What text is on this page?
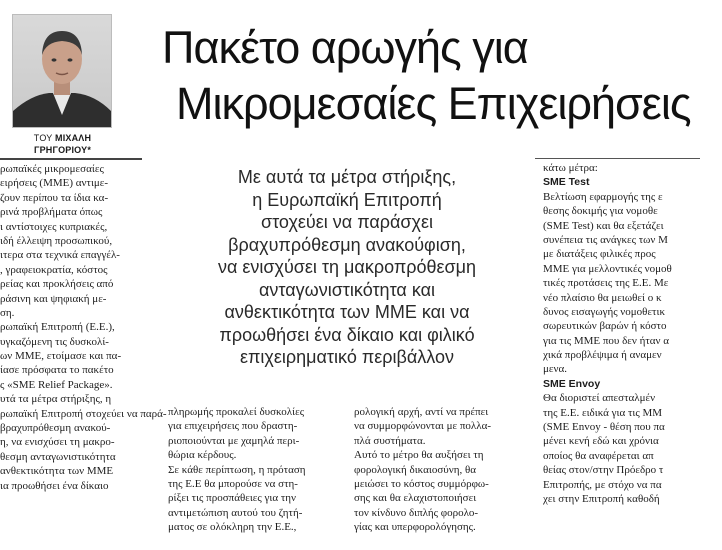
ΤΟΥ ΜΙΧΑΛΗ
ΓΡΗΓΟΡΙΟΥ*
Πακέτο αρωγής για
Μικρομεσαίες Επιχειρήσεις
Με αυτά τα μέτρα στήριξης,
η Ευρωπαϊκή Επιτροπή
στοχεύει να παράσχει
βραχυπρόθεσμη ανακούφιση,
να ενισχύσει τη μακροπρόθεσμη
ανταγωνιστικότητα και
ανθεκτικότητα των ΜΜΕ και να
προωθήσει ένα δίκαιο και φιλικό
επιχειρηματικό περιβάλλον
ρωπαϊκές μικρομεσαίες
ειρήσεις (ΜΜΕ) αντιμε-
ζουν περίπου τα ίδια κα-
ρινά προβλήματα όπως
ι αντίστοιχες κυπριακές,
ιδή έλλειψη προσωπικού,
ιτερα στα τεχνικά επαγγέλ-
, γραφειοκρατία, κόστος
ρείας και προκλήσεις από
ράσινη και ψηφιακή με-
ση.
ρωπαϊκή Επιτροπή (Ε.Ε.),
υγκαζόμενη τις δυσκολί-
ων ΜΜΕ, ετοίμασε και πα-
ίασε πρόσφατα το πακέτο
ς «SME Relief Package».
υτά τα μέτρα στήριξης, η
ρωπαϊκή Επιτροπή στοχεύει να παρά-
βραχυπρόθεσμη ανακού-
η, να ενισχύσει τη μακρο-
θεσμη ανταγωνιστικότητα
ανθεκτικότητα των ΜΜΕ
ια προωθήσει ένα δίκαιο
πληρωμής προκαλεί δυσκολίες
για επιχειρήσεις που δραστη-
ριοποιούνται με χαμηλά περι-
θώρια κέρδους.
Σε κάθε περίπτωση, η πρόταση
της Ε.Ε θα μπορούσε να στη-
ρίξει τις προσπάθειες για την
αντιμετώπιση αυτού του ζητή-
ματος σε ολόκληρη την Ε.Ε.,
ρολογική αρχή, αντί να πρέπει
να συμμορφώνονται με πολλα-
πλά συστήματα.
Αυτό το μέτρο θα αυξήσει τη
φορολογική δικαιοσύνη, θα
μειώσει το κόστος συμμόρφω-
σης και θα ελαχιστοποιήσει
τον κίνδυνο διπλής φορολο-
γίας και υπερφορολόγησης.
κάτω μέτρα:
SME Test
Βελτίωση εφαρμογής της ε
θεσης δοκιμής για νομοθε
(SME Test) και θα εξετάζει
συνέπεια τις ανάγκες των Μ
με διατάξεις φιλικές προς
ΜΜΕ για μελλοντικές νομοθ
τικές προτάσεις της Ε.Ε. Με
νέο πλαίσιο θα μειωθεί ο κ
δυνος εισαγωγής νομοθετικ
σωρευτικών βαρών ή κόστο
για τις ΜΜΕ που δεν ήταν α
χικά προβλέψιμα ή αναμεν
μενα.
SME Envoy
Θα διοριστεί απεσταλμέν
της Ε.Ε. ειδικά για τις ΜΜ
(SME Envoy - θέση που πα
μένει κενή εδώ και χρόνια
οποίος θα αναφέρεται απ
θείας στον/στην Πρόεδρο τ
Επιτροπής, με στόχο να πα
χει στην Επιτροπή καθοδή
